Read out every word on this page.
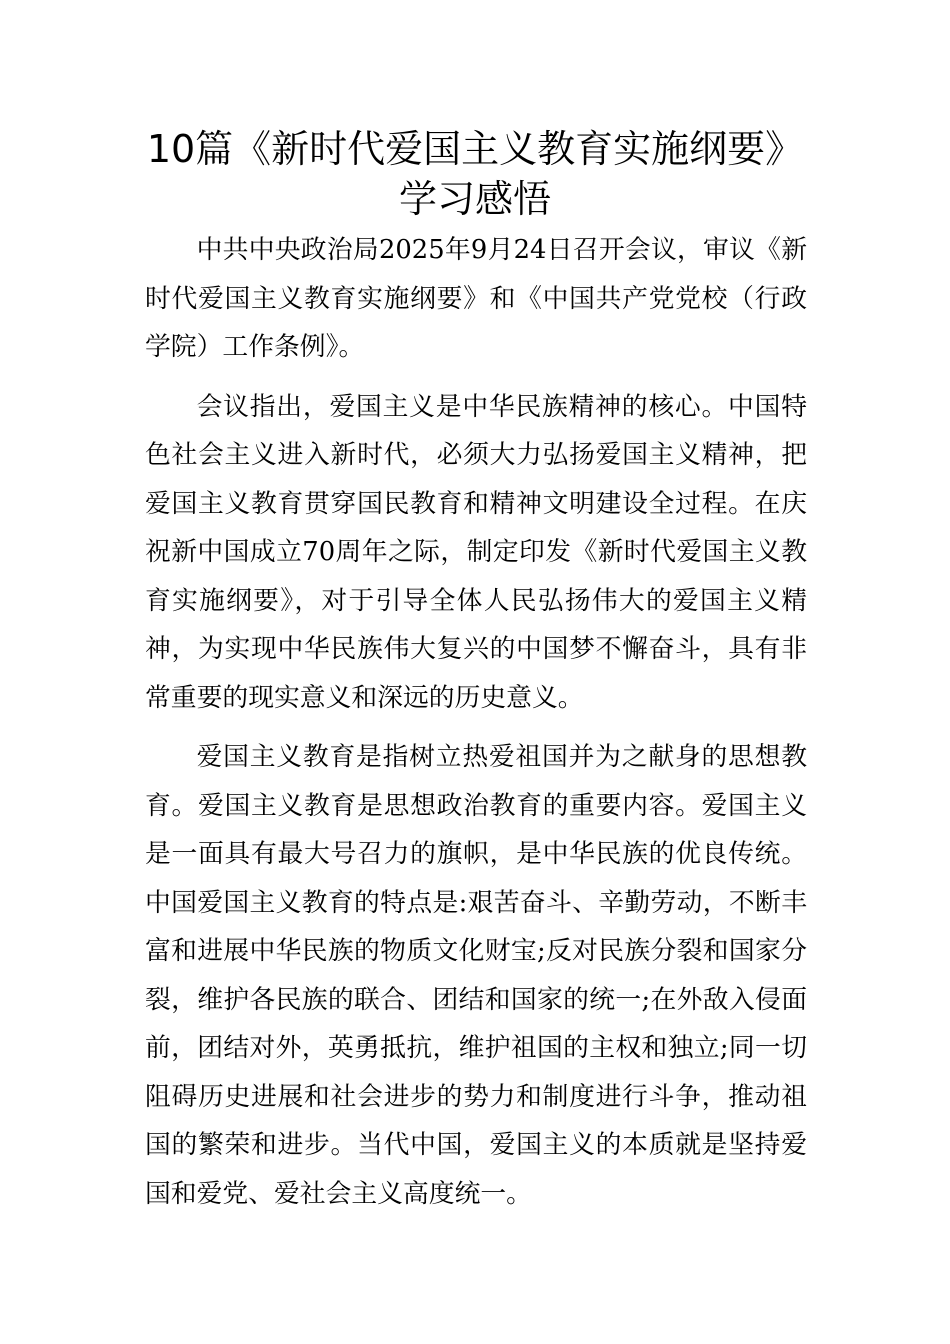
10篇《新时代爱国主义教育实施纲要》学习感悟

中共中央政治局2025年9月24日召开会议，审议《新时代爱国主义教育实施纲要》和《中国共产党党校（行政学院）工作条例》。

会议指出，爱国主义是中华民族精神的核心。中国特色社会主义进入新时代，必须大力弘扬爱国主义精神，把爱国主义教育贯穿国民教育和精神文明建设全过程。在庆祝新中国成立70周年之际，制定印发《新时代爱国主义教育实施纲要》，对于引导全体人民弘扬伟大的爱国主义精神，为实现中华民族伟大复兴的中国梦不懈奋斗，具有非常重要的现实意义和深远的历史意义。

爱国主义教育是指树立热爱祖国并为之献身的思想教育。爱国主义教育是思想政治教育的重要内容。爱国主义是一面具有最大号召力的旗帜，是中华民族的优良传统。中国爱国主义教育的特点是:艰苦奋斗、辛勤劳动，不断丰富和进展中华民族的物质文化财宝;反对民族分裂和国家分裂，维护各民族的联合、团结和国家的统一;在外敌入侵面前，团结对外，英勇抵抗，维护祖国的主权和独立;同一切阻碍历史进展和社会进步的势力和制度进行斗争，推动祖国的繁荣和进步。当代中国，爱国主义的本质就是坚持爱国和爱党、爱社会主义高度统一。
